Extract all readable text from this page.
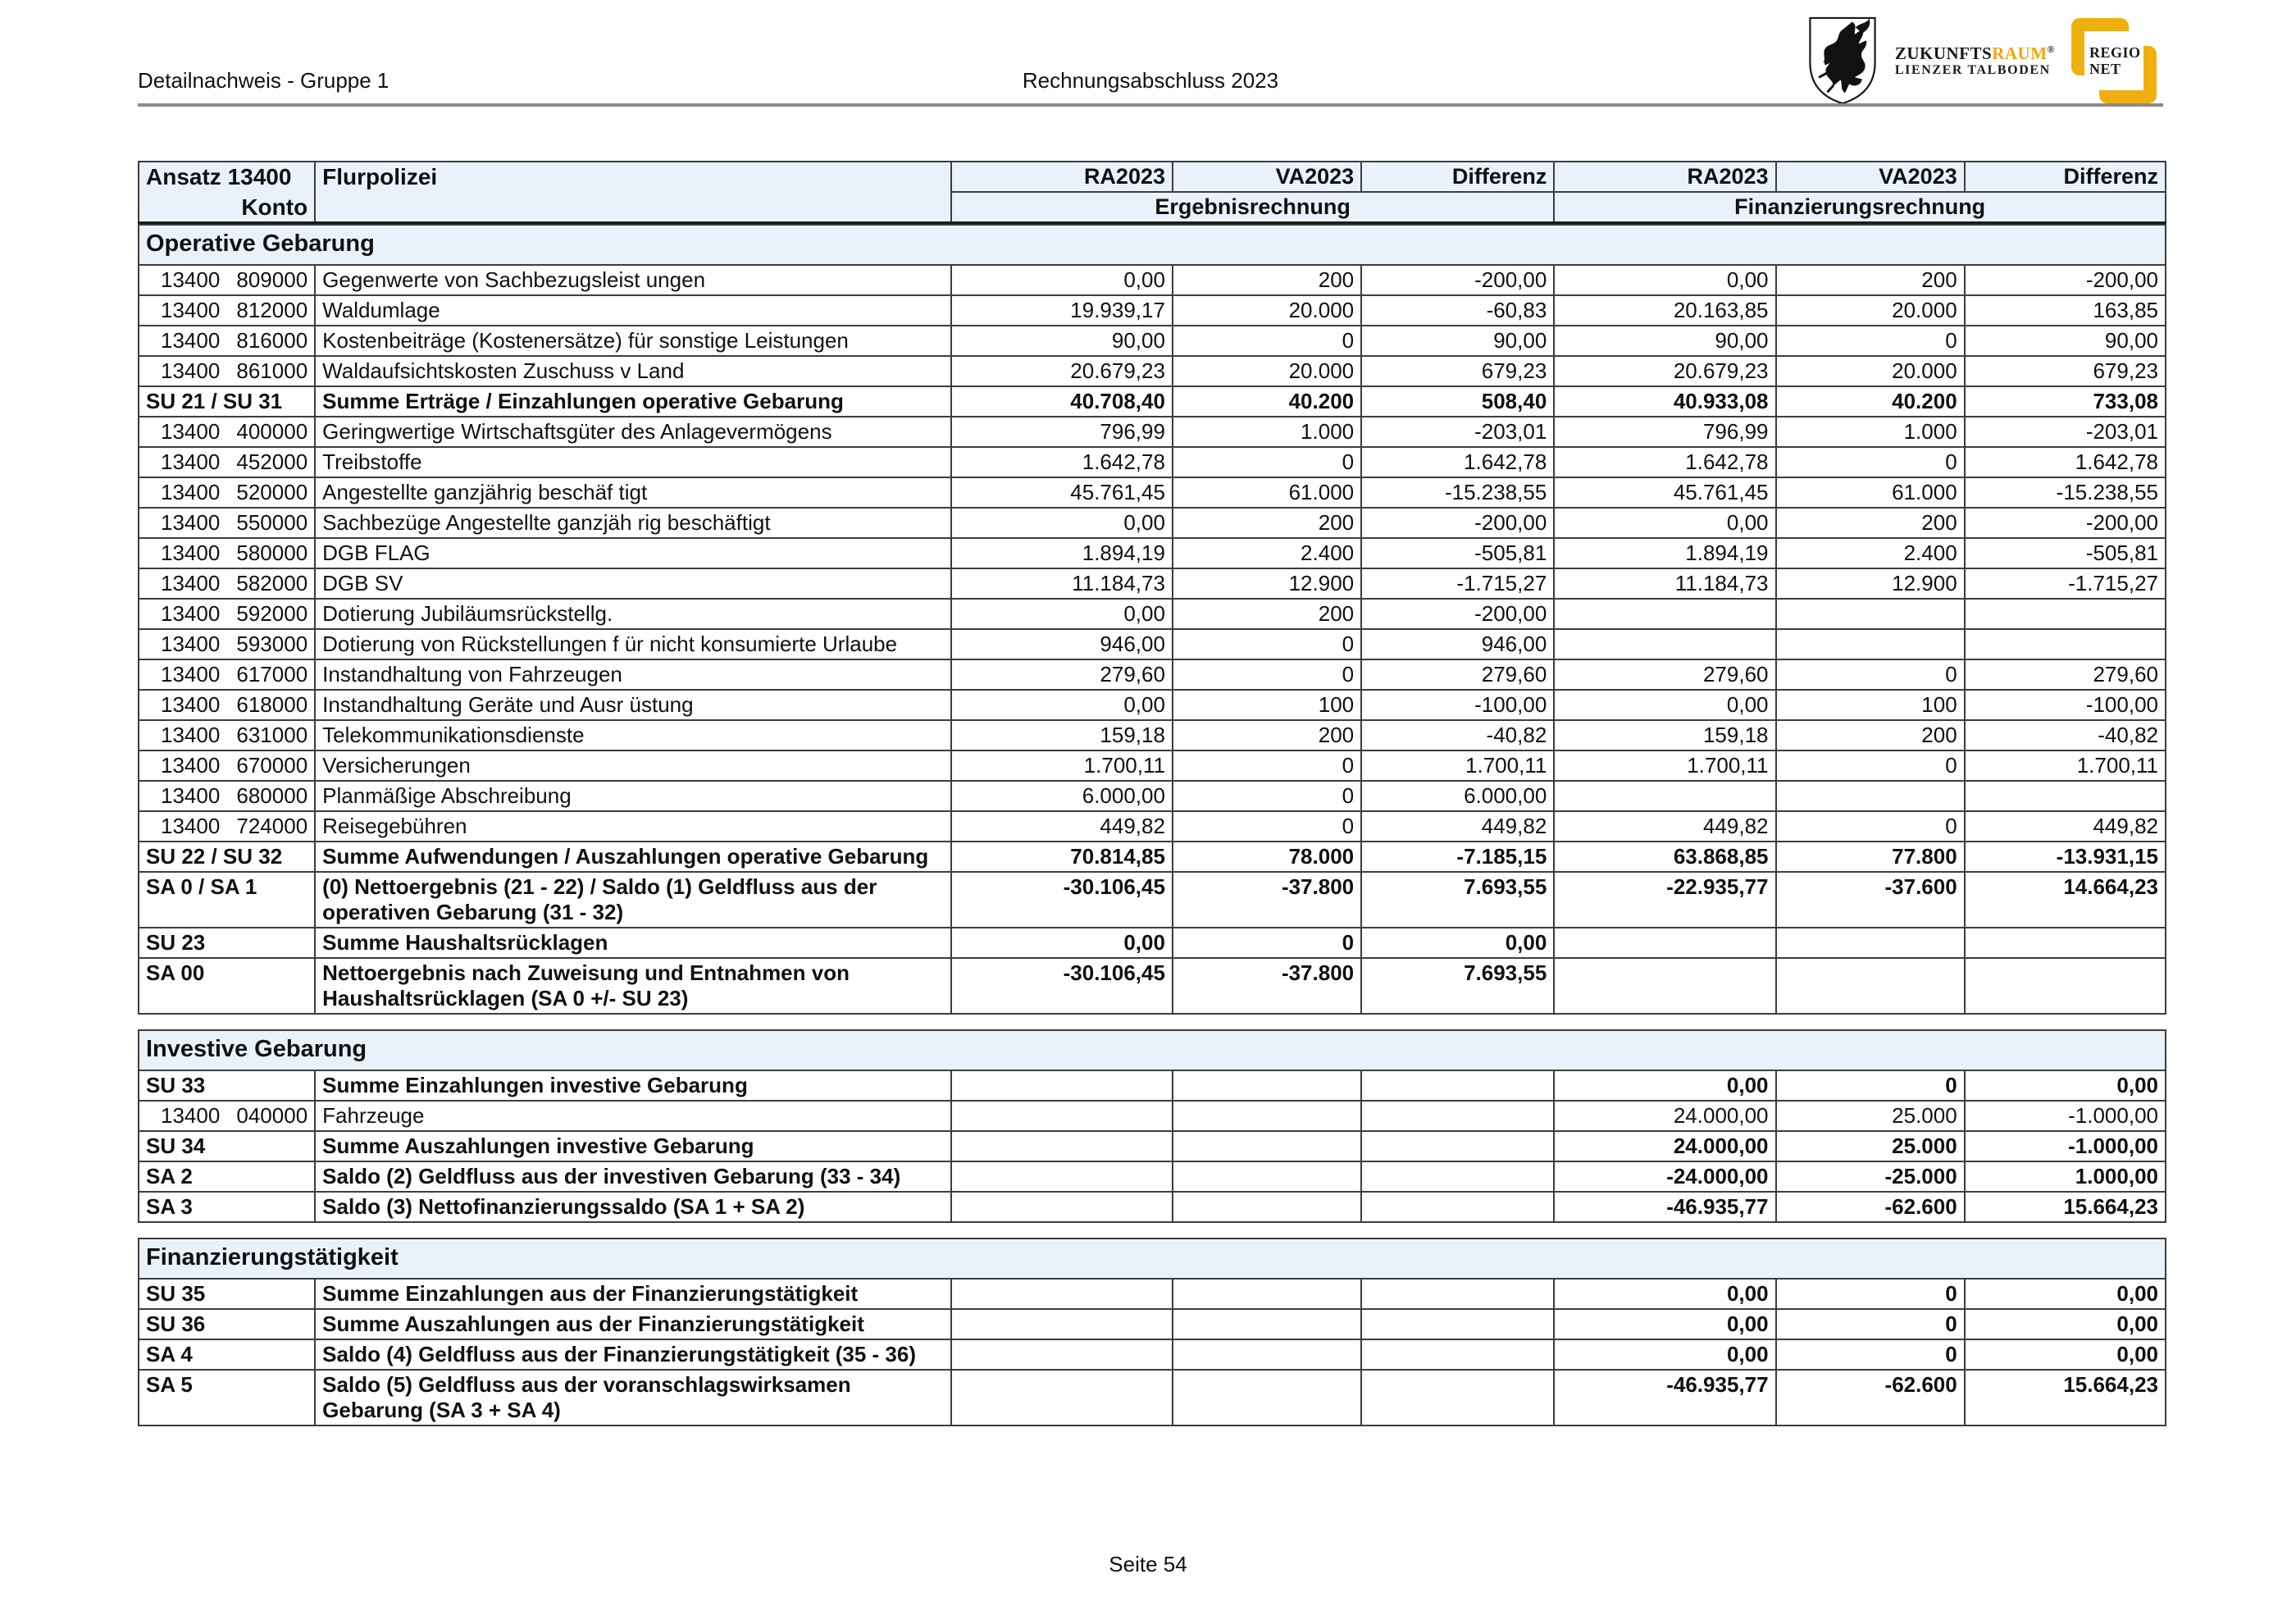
Detailnachweis - Gruppe 1	Rechnungsabschluss 2023
ZUKUNFTSRAUM®
LIENZER TALBODEN
REGIO
NET
Ansatz 13400
Konto	Flurpolizei	RA2023	VA2023	Differenz	RA2023	VA2023	Differenz
		Ergebnisrechnung			Finanzierungsrechnung		
Operative Gebarung							

13400 809000	Gegenwerte von Sachbezugsleist ungen	0,00	200	-200,00	0,00	200	-200,00

13400 812000	Waldumlage	19.939,17	20.000	-60,83	20.163,85	20.000	163,85

13400 816000	Kostenbeiträge (Kostenersätze) für sonstige Leistungen	90,00	0	90,00	90,00	0	90,00

13400 861000	Waldaufsichtskosten Zuschuss v Land	20.679,23	20.000	679,23	20.679,23	20.000	679,23
SU 21 / SU 31	Summe Erträge / Einzahlungen operative Gebarung	40.708,40	40.200	508,40	40.933,08	40.200	733,08

13400 400000	Geringwertige Wirtschaftsgüter des Anlagevermögens	796,99	1.000	-203,01	796,99	1.000	-203,01

13400 452000	Treibstoffe	1.642,78	0	1.642,78	1.642,78	0	1.642,78

13400 520000	Angestellte ganzjährig beschäf tigt	45.761,45	61.000	-15.238,55	45.761,45	61.000	-15.238,55

13400 550000	Sachbezüge Angestellte ganzjäh rig beschäftigt	0,00	200	-200,00	0,00	200	-200,00

13400 580000	DGB FLAG	1.894,19	2.400	-505,81	1.894,19	2.400	-505,81

13400 582000	DGB SV	11.184,73	12.900	-1.715,27	11.184,73	12.900	-1.715,27

13400 592000	Dotierung Jubiläumsrückstellg.	0,00	200	-200,00			

13400 593000	Dotierung von Rückstellungen f ür nicht konsumierte Urlaube	946,00	0	946,00			

13400 617000	Instandhaltung von Fahrzeugen	279,60	0	279,60	279,60	0	279,60

13400 618000	Instandhaltung Geräte und Ausr üstung	0,00	100	-100,00	0,00	100	-100,00

13400 631000	Telekommunikationsdienste	159,18	200	-40,82	159,18	200	-40,82

13400 670000	Versicherungen	1.700,11	0	1.700,11	1.700,11	0	1.700,11

13400 680000	Planmäßige Abschreibung	6.000,00	0	6.000,00			

13400 724000	Reisegebühren	449,82	0	449,82	449,82	0	449,82
SU 22 / SU 32	Summe Aufwendungen / Auszahlungen operative Gebarung	70.814,85	78.000	-7.185,15	63.868,85	77.800	-13.931,15
SA 0 / SA 1	(0) Nettoergebnis (21 - 22) / Saldo (1) Geldfluss aus der operativen Gebarung (31 - 32)	-30.106,45	-37.800	7.693,55	-22.935,77	-37.600	14.664,23
SU 23	Summe Haushaltsrücklagen	0,00	0	0,00			
SA 00	Nettoergebnis nach Zuweisung und Entnahmen von Haushaltsrücklagen (SA 0 +/- SU 23)	-30.106,45	-37.800	7.693,55			
Investive Gebarung							
SU 33	Summe Einzahlungen investive Gebarung				0,00	0	0,00

13400 040000	Fahrzeuge				24.000,00	25.000	-1.000,00
SU 34	Summe Auszahlungen investive Gebarung				24.000,00	25.000	-1.000,00
SA 2	Saldo (2) Geldfluss aus der investiven Gebarung (33 - 34)				-24.000,00	-25.000	1.000,00
SA 3	Saldo (3) Nettofinanzierungssaldo (SA 1 + SA 2)				-46.935,77	-62.600	15.664,23
Finanzierungstätigkeit							
SU 35	Summe Einzahlungen aus der Finanzierungstätigkeit				0,00	0	0,00
SU 36	Summe Auszahlungen aus der Finanzierungstätigkeit				0,00	0	0,00
SA 4	Saldo (4) Geldfluss aus der Finanzierungstätigkeit (35 - 36)				0,00	0	0,00
SA 5	Saldo (5) Geldfluss aus der voranschlagswirksamen Gebarung (SA 3 + SA 4)				-46.935,77	-62.600	15.664,23
Seite 54
